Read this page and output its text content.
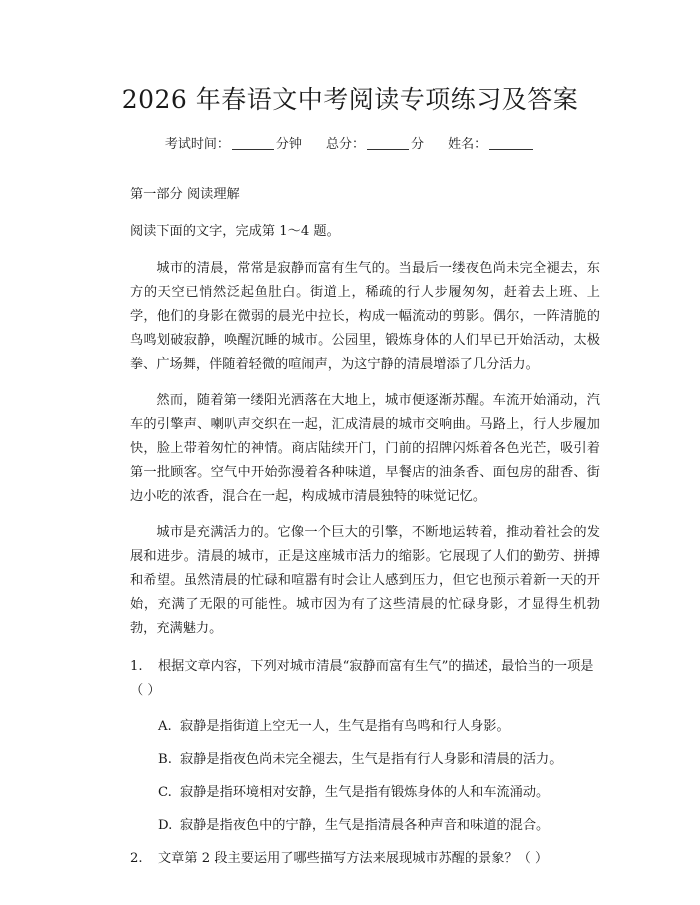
2026 年春语文中考阅读专项练习及答案
考试时间：	分钟 总分：	分 姓名：
第一部分 阅读理解
阅读下面的文字，完成第 1～4 题。

城市的清晨，常常是寂静而富有生气的。当最后一缕夜色尚未完全褪去，东方的天空已悄然泛起鱼肚白。街道上，稀疏的行人步履匆匆，赶着去上班、上学，他们的身影在微弱的晨光中拉长，构成一幅流动的剪影。偶尔，一阵清脆的鸟鸣划破寂静，唤醒沉睡的城市。公园里，锻炼身体的人们早已开始活动，太极拳、广场舞，伴随着轻微的喧闹声，为这宁静的清晨增添了几分活力。

然而，随着第一缕阳光洒落在大地上，城市便逐渐苏醒。车流开始涌动，汽车的引擎声、喇叭声交织在一起，汇成清晨的城市交响曲。马路上，行人步履加快，脸上带着匆忙的神情。商店陆续开门，门前的招牌闪烁着各色光芒，吸引着第一批顾客。空气中开始弥漫着各种味道，早餐店的油条香、面包房的甜香、街边小吃的浓香，混合在一起，构成城市清晨独特的味觉记忆。

城市是充满活力的。它像一个巨大的引擎，不断地运转着，推动着社会的发展和进步。清晨的城市，正是这座城市活力的缩影。它展现了人们的勤劳、拼搏和希望。虽然清晨的忙碌和喧嚣有时会让人感到压力，但它也预示着新一天的开始，充满了无限的可能性。城市因为有了这些清晨的忙碌身影，才显得生机勃勃，充满魅力。

1. 根据文章内容，下列对城市清晨“寂静而富有生气”的描述，最恰当的一项是（ ）
A. 寂静是指街道上空无一人，生气是指有鸟鸣和行人身影。
B. 寂静是指夜色尚未完全褪去，生气是指有行人身影和清晨的活力。
C. 寂静是指环境相对安静，生气是指有锻炼身体的人和车流涌动。
D. 寂静是指夜色中的宁静，生气是指清晨各种声音和味道的混合。
2. 文章第 2 段主要运用了哪些描写方法来展现城市苏醒的景象？（ ）
